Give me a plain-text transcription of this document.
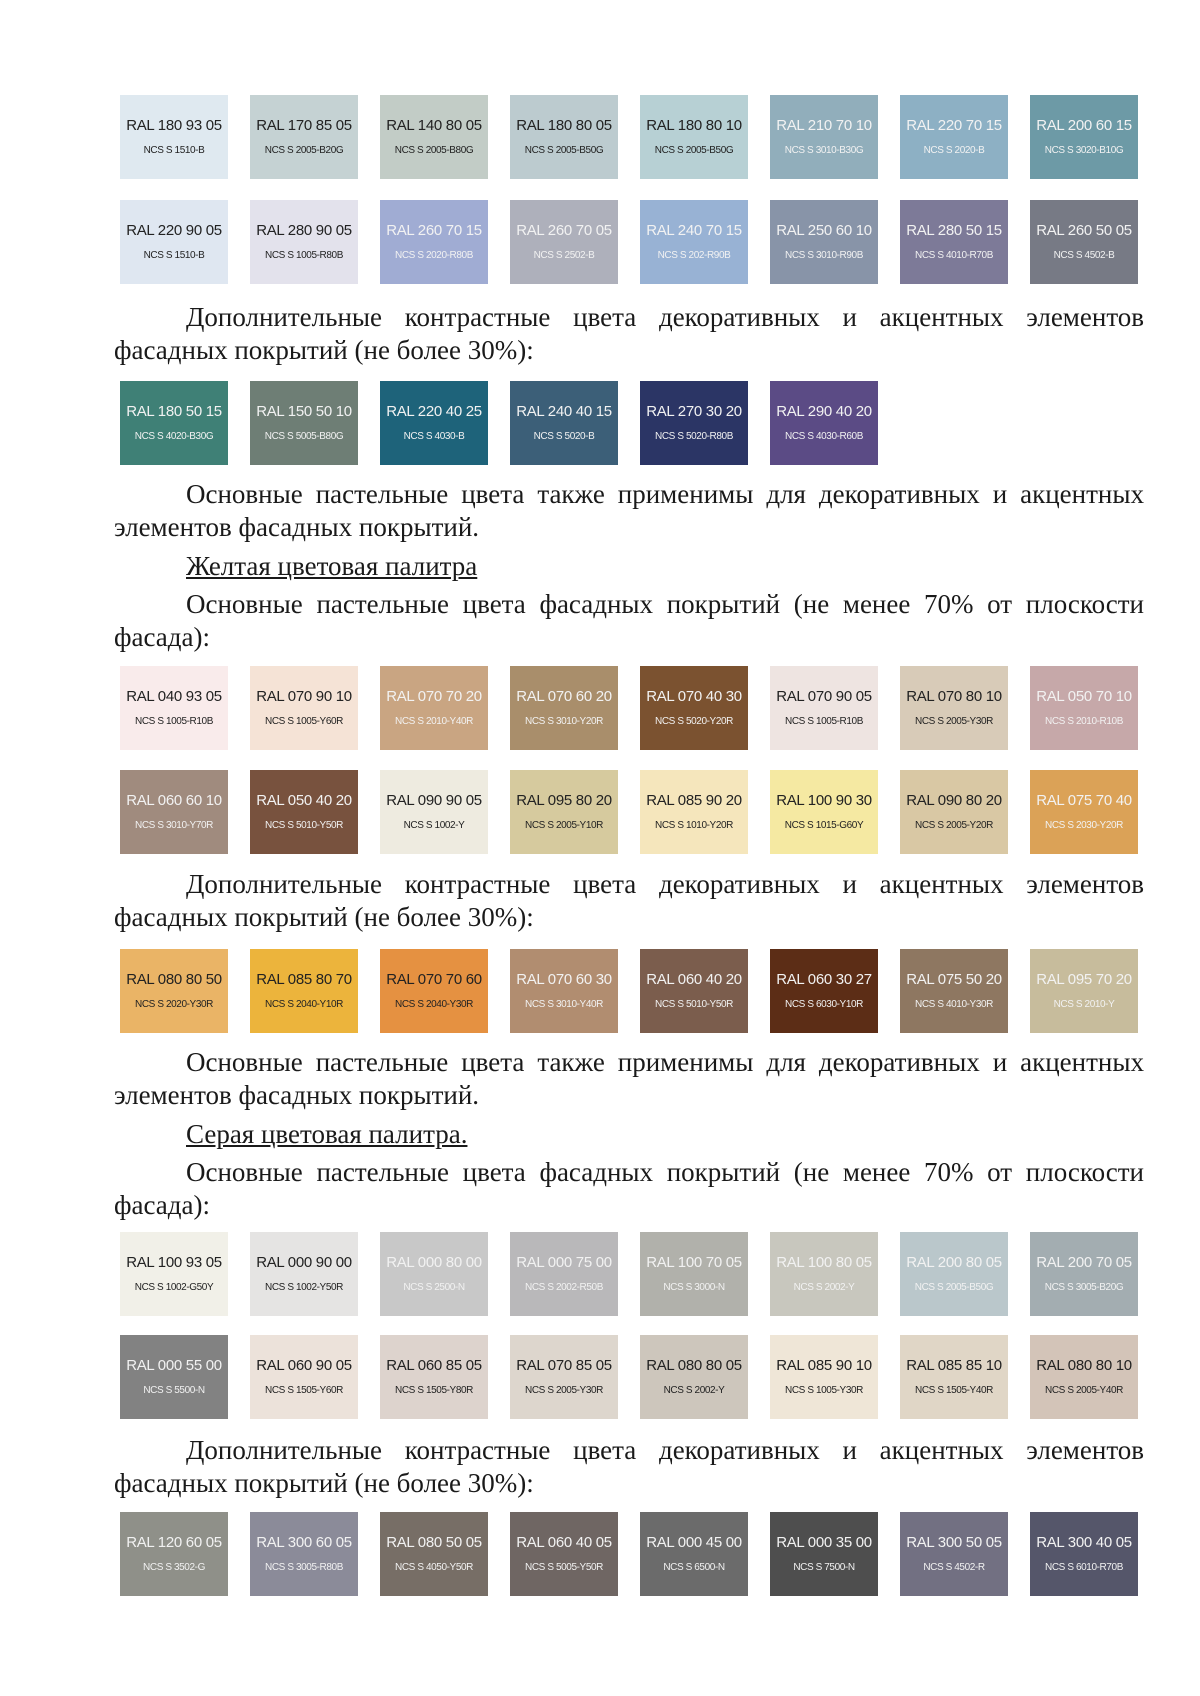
RAL 180 93 05
NCS S 1510-B
RAL 170 85 05
NCS S 2005-B20G
RAL 140 80 05
NCS S 2005-B80G
RAL 180 80 05
NCS S 2005-B50G
RAL 180 80 10
NCS S 2005-B50G
RAL 210 70 10
NCS S 3010-B30G
RAL 220 70 15
NCS S 2020-B
RAL 200 60 15
NCS S 3020-B10G
RAL 220 90 05
NCS S 1510-B
RAL 280 90 05
NCS S 1005-R80B
RAL 260 70 15
NCS S 2020-R80B
RAL 260 70 05
NCS S 2502-B
RAL 240 70 15
NCS S 202-R90B
RAL 250 60 10
NCS S 3010-R90B
RAL 280 50 15
NCS S 4010-R70B
RAL 260 50 05
NCS S 4502-B

Дополнительные контрастные цвета декоративных и акцентных элементов фасадных покрытий (не более 30%):

RAL 180 50 15
NCS S 4020-B30G
RAL 150 50 10
NCS S 5005-B80G
RAL 220 40 25
NCS S 4030-B
RAL 240 40 15
NCS S 5020-B
RAL 270 30 20
NCS S 5020-R80B
RAL 290 40 20
NCS S 4030-R60B

Основные пастельные цвета также применимы для декоративных и акцентных элементов фасадных покрытий.

Желтая цветовая палитра

Основные пастельные цвета фасадных покрытий (не менее 70% от плоскости фасада):

RAL 040 93 05
NCS S 1005-R10B
RAL 070 90 10
NCS S 1005-Y60R
RAL 070 70 20
NCS S 2010-Y40R
RAL 070 60 20
NCS S 3010-Y20R
RAL 070 40 30
NCS S 5020-Y20R
RAL 070 90 05
NCS S 1005-R10B
RAL 070 80 10
NCS S 2005-Y30R
RAL 050 70 10
NCS S 2010-R10B
RAL 060 60 10
NCS S 3010-Y70R
RAL 050 40 20
NCS S 5010-Y50R
RAL 090 90 05
NCS S 1002-Y
RAL 095 80 20
NCS S 2005-Y10R
RAL 085 90 20
NCS S 1010-Y20R
RAL 100 90 30
NCS S 1015-G60Y
RAL 090 80 20
NCS S 2005-Y20R
RAL 075 70 40
NCS S 2030-Y20R

Дополнительные контрастные цвета декоративных и акцентных элементов фасадных покрытий (не более 30%):

RAL 080 80 50
NCS S 2020-Y30R
RAL 085 80 70
NCS S 2040-Y10R
RAL 070 70 60
NCS S 2040-Y30R
RAL 070 60 30
NCS S 3010-Y40R
RAL 060 40 20
NCS S 5010-Y50R
RAL 060 30 27
NCS S 6030-Y10R
RAL 075 50 20
NCS S 4010-Y30R
RAL 095 70 20
NCS S 2010-Y

Основные пастельные цвета также применимы для декоративных и акцентных элементов фасадных покрытий.

Серая цветовая палитра.

Основные пастельные цвета фасадных покрытий (не менее 70% от плоскости фасада):

RAL 100 93 05
NCS S 1002-G50Y
RAL 000 90 00
NCS S 1002-Y50R
RAL 000 80 00
NCS S 2500-N
RAL 000 75 00
NCS S 2002-R50B
RAL 100 70 05
NCS S 3000-N
RAL 100 80 05
NCS S 2002-Y
RAL 200 80 05
NCS S 2005-B50G
RAL 200 70 05
NCS S 3005-B20G
RAL 000 55 00
NCS S 5500-N
RAL 060 90 05
NCS S 1505-Y60R
RAL 060 85 05
NCS S 1505-Y80R
RAL 070 85 05
NCS S 2005-Y30R
RAL 080 80 05
NCS S 2002-Y
RAL 085 90 10
NCS S 1005-Y30R
RAL 085 85 10
NCS S 1505-Y40R
RAL 080 80 10
NCS S 2005-Y40R

Дополнительные контрастные цвета декоративных и акцентных элементов фасадных покрытий (не более 30%):

RAL 120 60 05
NCS S 3502-G
RAL 300 60 05
NCS S 3005-R80B
RAL 080 50 05
NCS S 4050-Y50R
RAL 060 40 05
NCS S 5005-Y50R
RAL 000 45 00
NCS S 6500-N
RAL 000 35 00
NCS S 7500-N
RAL 300 50 05
NCS S 4502-R
RAL 300 40 05
NCS S 6010-R70B
